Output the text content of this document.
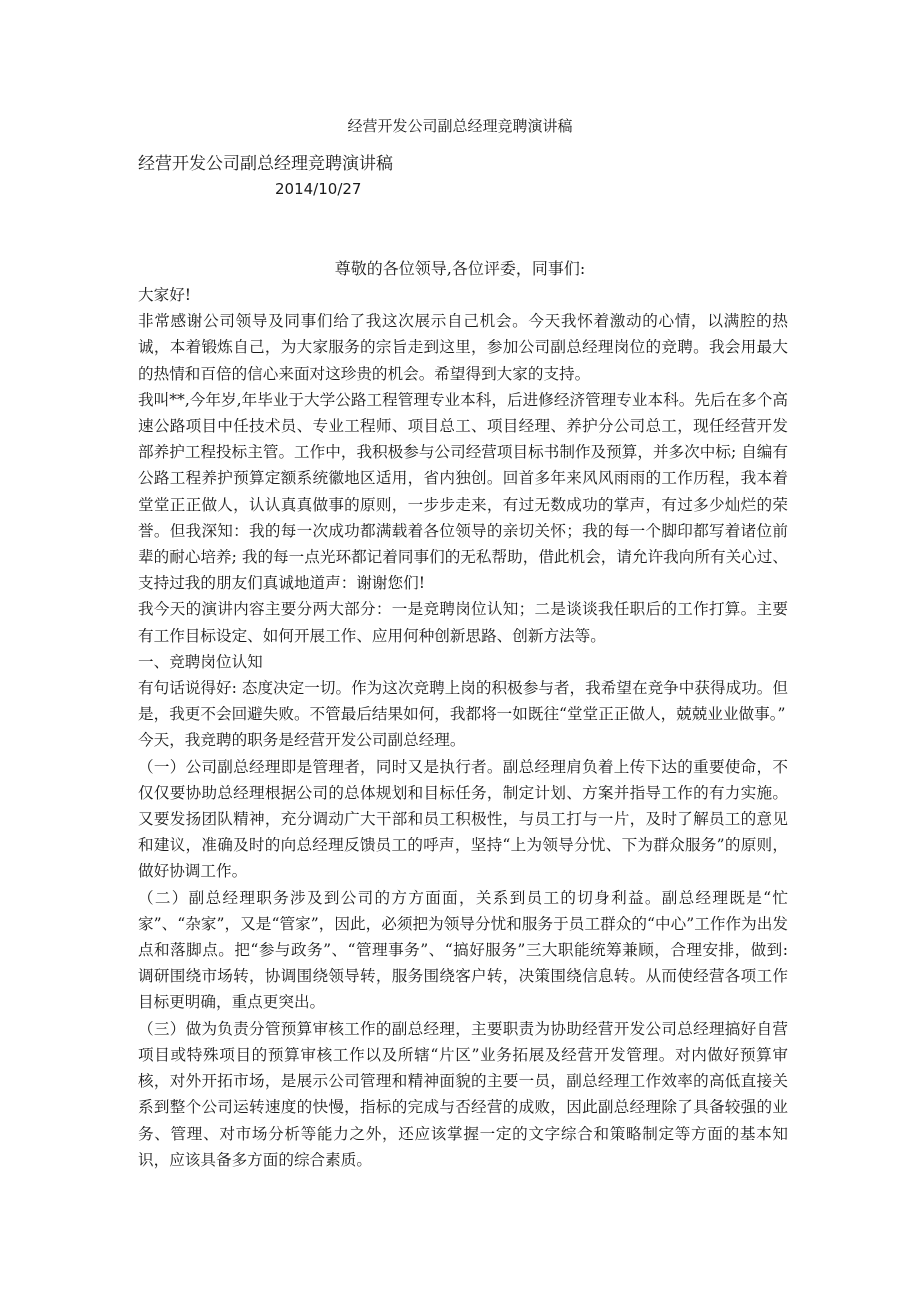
经营开发公司副总经理竞聘演讲稿
经营开发公司副总经理竞聘演讲稿
2014/10/27
尊敬的各位领导,各位评委，同事们:

大家好!

非常感谢公司领导及同事们给了我这次展示自己机会。今天我怀着激动的心情，以满腔的热诚，本着锻炼自己，为大家服务的宗旨走到这里，参加公司副总经理岗位的竞聘。我会用最大的热情和百倍的信心来面对这珍贵的机会。希望得到大家的支持。

我叫**,今年岁,年毕业于大学公路工程管理专业本科，后进修经济管理专业本科。先后在多个高速公路项目中任技术员、专业工程师、项目总工、项目经理、养护分公司总工，现任经营开发部养护工程投标主管。工作中，我积极参与公司经营项目标书制作及预算，并多次中标; 自编有公路工程养护预算定额系统徽地区适用，省内独创。回首多年来风风雨雨的工作历程，我本着堂堂正正做人，认认真真做事的原则，一步步走来，有过无数成功的掌声，有过多少灿烂的荣誉。但我深知：我的每一次成功都满载着各位领导的亲切关怀；我的每一个脚印都写着诸位前辈的耐心培养; 我的每一点光环都记着同事们的无私帮助，借此机会，请允许我向所有关心过、支持过我的朋友们真诚地道声：谢谢您们!

我今天的演讲内容主要分两大部分：一是竞聘岗位认知；二是谈谈我任职后的工作打算。主要有工作目标设定、如何开展工作、应用何种创新思路、创新方法等。

一、竞聘岗位认知

有句话说得好: 态度决定一切。作为这次竞聘上岗的积极参与者，我希望在竞争中获得成功。但是，我更不会回避失败。不管最后结果如何，我都将一如既往“堂堂正正做人，兢兢业业做事。”

今天，我竞聘的职务是经营开发公司副总经理。

（一）公司副总经理即是管理者，同时又是执行者。副总经理肩负着上传下达的重要使命，不仅仅要协助总经理根据公司的总体规划和目标任务，制定计划、方案并指导工作的有力实施。又要发扬团队精神，充分调动广大干部和员工积极性，与员工打与一片，及时了解员工的意见和建议，准确及时的向总经理反馈员工的呼声，坚持“上为领导分忧、下为群众服务”的原则，做好协调工作。

（二）副总经理职务涉及到公司的方方面面，关系到员工的切身利益。副总经理既是“忙家”、“杂家”，又是“管家”，因此，必须把为领导分忧和服务于员工群众的“中心”工作作为出发点和落脚点。把“参与政务”、“管理事务”、“搞好服务”三大职能统筹兼顾，合理安排，做到: 调研围绕市场转，协调围绕领导转，服务围绕客户转，决策围绕信息转。从而使经营各项工作目标更明确，重点更突出。

（三）做为负责分管预算审核工作的副总经理，主要职责为协助经营开发公司总经理搞好自营项目或特殊项目的预算审核工作以及所辖“片区”业务拓展及经营开发管理。对内做好预算审核，对外开拓市场，是展示公司管理和精神面貌的主要一员，副总经理工作效率的高低直接关系到整个公司运转速度的快慢，指标的完成与否经营的成败，因此副总经理除了具备较强的业务、管理、对市场分析等能力之外，还应该掌握一定的文字综合和策略制定等方面的基本知识，应该具备多方面的综合素质。
